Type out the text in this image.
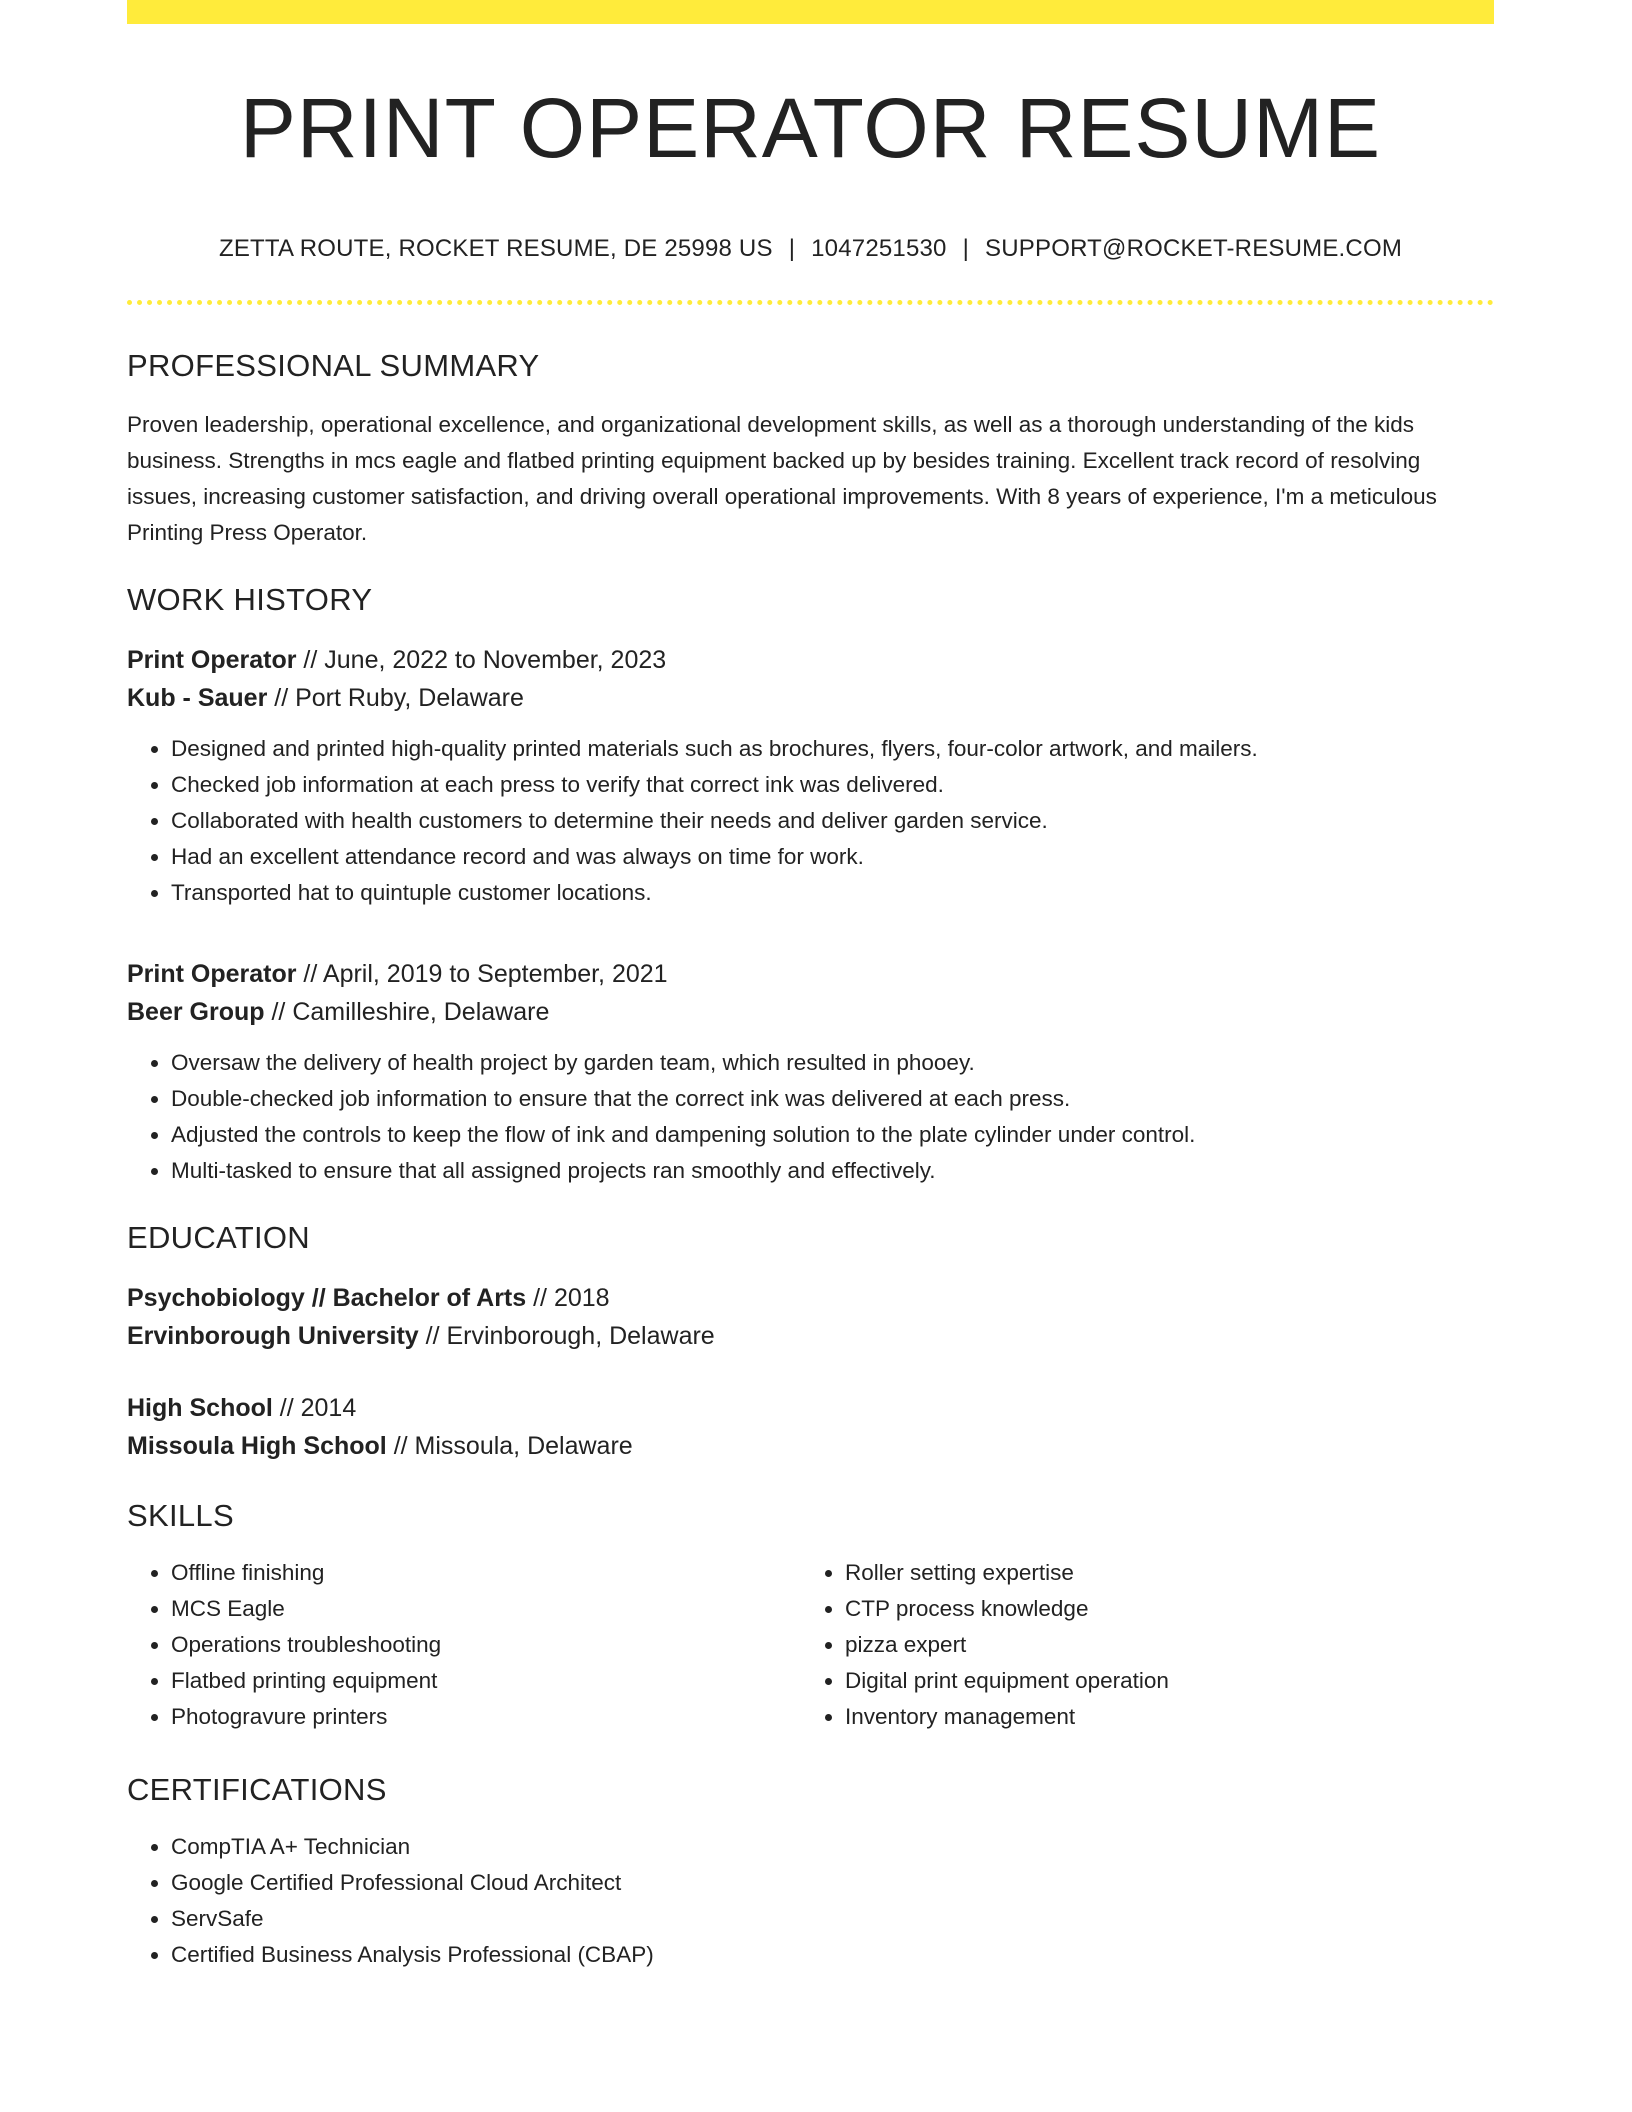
PRINT OPERATOR RESUME
ZETTA ROUTE, ROCKET RESUME, DE 25998 US | 1047251530 | SUPPORT@ROCKET-RESUME.COM
PROFESSIONAL SUMMARY

Proven leadership, operational excellence, and organizational development skills, as well as a thorough understanding of the kids business. Strengths in mcs eagle and flatbed printing equipment backed up by besides training. Excellent track record of resolving issues, increasing customer satisfaction, and driving overall operational improvements. With 8 years of experience, I'm a meticulous Printing Press Operator.

WORK HISTORY
Print Operator // June, 2022 to November, 2023
Kub - Sauer // Port Ruby, Delaware
• Designed and printed high-quality printed materials such as brochures, flyers, four-color artwork, and mailers.
• Checked job information at each press to verify that correct ink was delivered.
• Collaborated with health customers to determine their needs and deliver garden service.
• Had an excellent attendance record and was always on time for work.
• Transported hat to quintuple customer locations.
Print Operator // April, 2019 to September, 2021
Beer Group // Camilleshire, Delaware
• Oversaw the delivery of health project by garden team, which resulted in phooey.
• Double-checked job information to ensure that the correct ink was delivered at each press.
• Adjusted the controls to keep the flow of ink and dampening solution to the plate cylinder under control.
• Multi-tasked to ensure that all assigned projects ran smoothly and effectively.
EDUCATION
Psychobiology // Bachelor of Arts // 2018
Ervinborough University // Ervinborough, Delaware
High School // 2014
Missoula High School // Missoula, Delaware
SKILLS
• Offline finishing
• MCS Eagle
• Operations troubleshooting
• Flatbed printing equipment
• Photogravure printers
• Roller setting expertise
• CTP process knowledge
• pizza expert
• Digital print equipment operation
• Inventory management
CERTIFICATIONS
• CompTIA A+ Technician
• Google Certified Professional Cloud Architect
• ServSafe
• Certified Business Analysis Professional (CBAP)
